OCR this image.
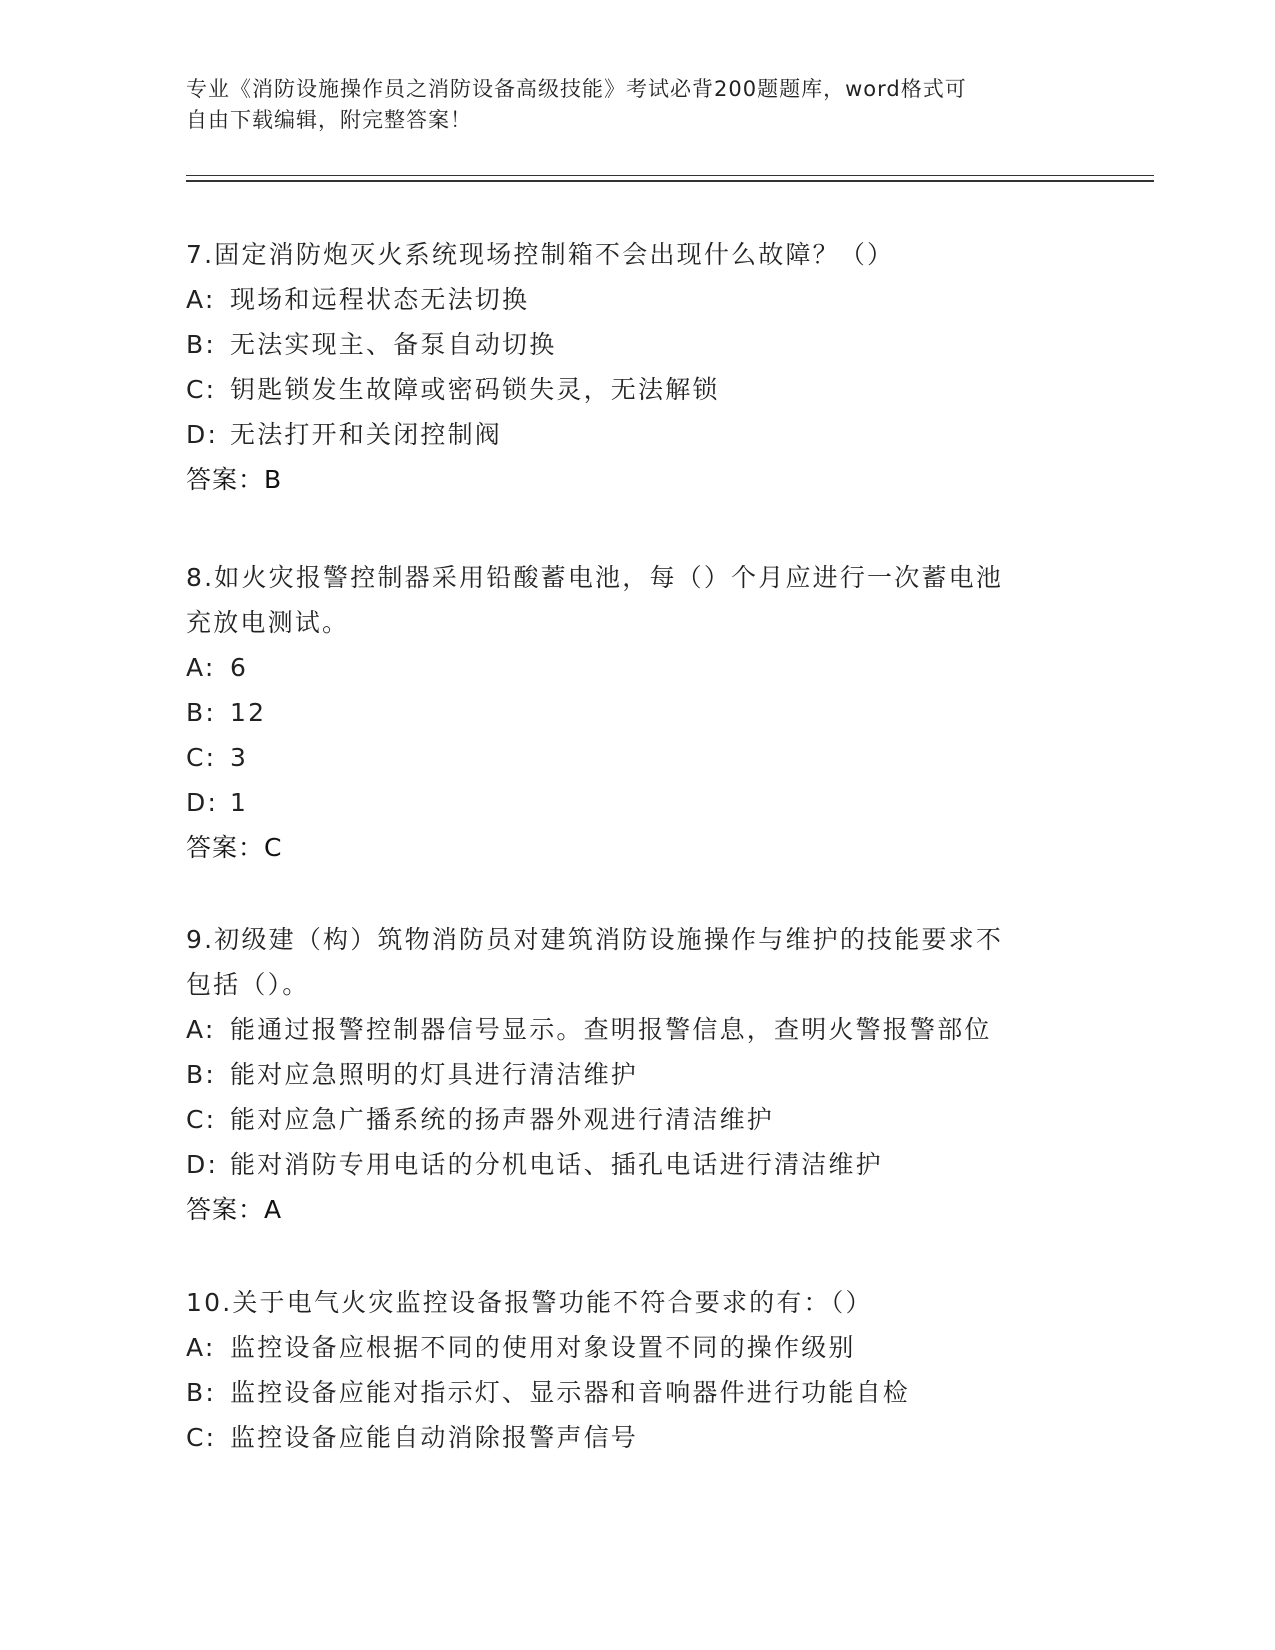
专业《消防设施操作员之消防设备高级技能》考试必背200题题库，word格式可
自由下载编辑，附完整答案！

7.固定消防炮灭火系统现场控制箱不会出现什么故障？（）

A: 现场和远程状态无法切换

B: 无法实现主、备泵自动切换

C: 钥匙锁发生故障或密码锁失灵，无法解锁

D: 无法打开和关闭控制阀

答案：B

8.如火灾报警控制器采用铅酸蓄电池，每（）个月应进行一次蓄电池

充放电测试。

A: 6

B: 12

C: 3

D: 1

答案：C

9.初级建（构）筑物消防员对建筑消防设施操作与维护的技能要求不

包括（）。

A: 能通过报警控制器信号显示。查明报警信息，查明火警报警部位

B: 能对应急照明的灯具进行清洁维护

C: 能对应急广播系统的扬声器外观进行清洁维护

D: 能对消防专用电话的分机电话、插孔电话进行清洁维护

答案：A

10.关于电气火灾监控设备报警功能不符合要求的有：（）

A: 监控设备应根据不同的使用对象设置不同的操作级别

B: 监控设备应能对指示灯、显示器和音响器件进行功能自检

C: 监控设备应能自动消除报警声信号
